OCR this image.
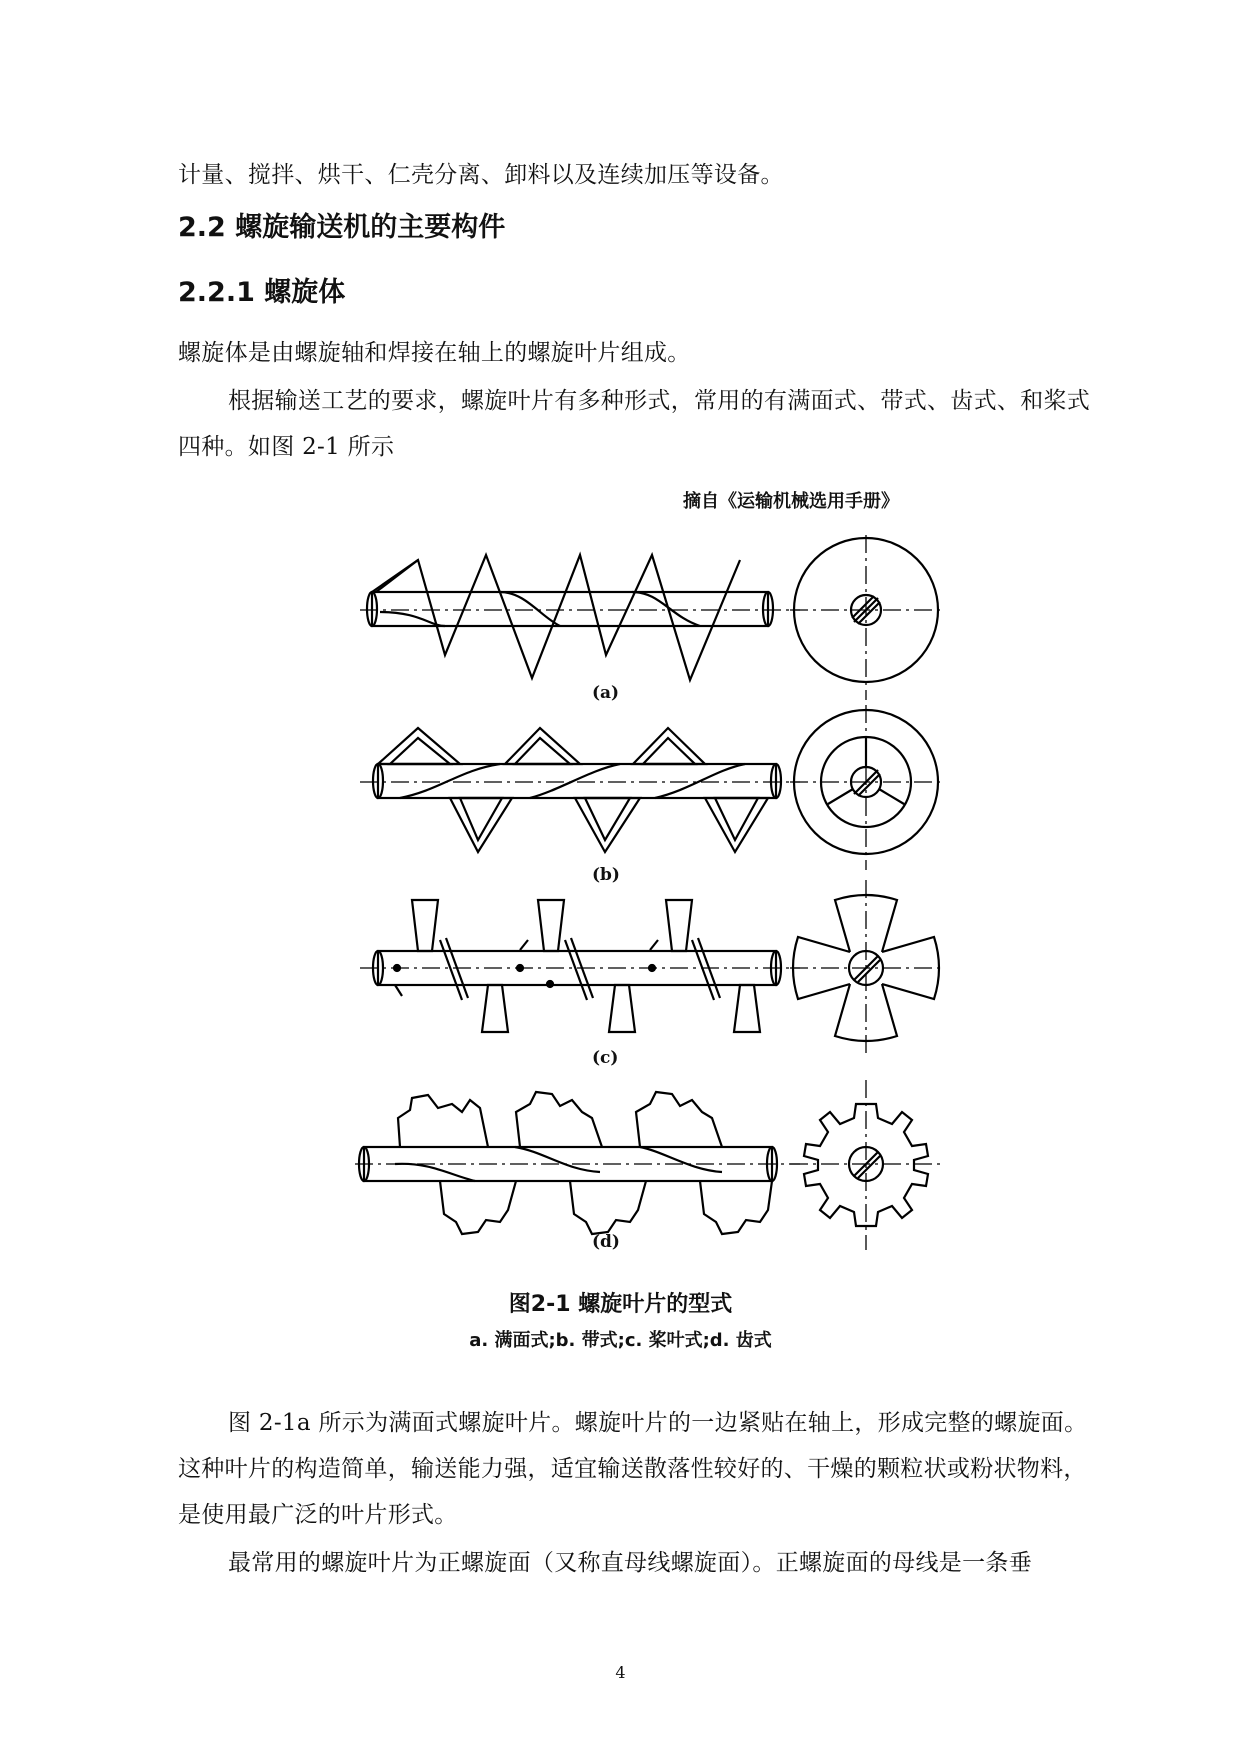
计量、搅拌、烘干、仁壳分离、卸料以及连续加压等设备。
2.2 螺旋输送机的主要构件
2.2.1 螺旋体
螺旋体是由螺旋轴和焊接在轴上的螺旋叶片组成。
根据输送工艺的要求，螺旋叶片有多种形式，常用的有满面式、带式、齿式、和桨式四种。如图 2-1 所示
摘自《运输机械选用手册》
(a)
(b)
(c)
(d)
图2-1 螺旋叶片的型式
a. 满面式;b. 带式;c. 桨叶式;d. 齿式
图 2-1a 所示为满面式螺旋叶片。螺旋叶片的一边紧贴在轴上，形成完整的螺旋面。这种叶片的构造简单，输送能力强，适宜输送散落性较好的、干燥的颗粒状或粉状物料，是使用最广泛的叶片形式。
最常用的螺旋叶片为正螺旋面（又称直母线螺旋面）。正螺旋面的母线是一条垂
4
